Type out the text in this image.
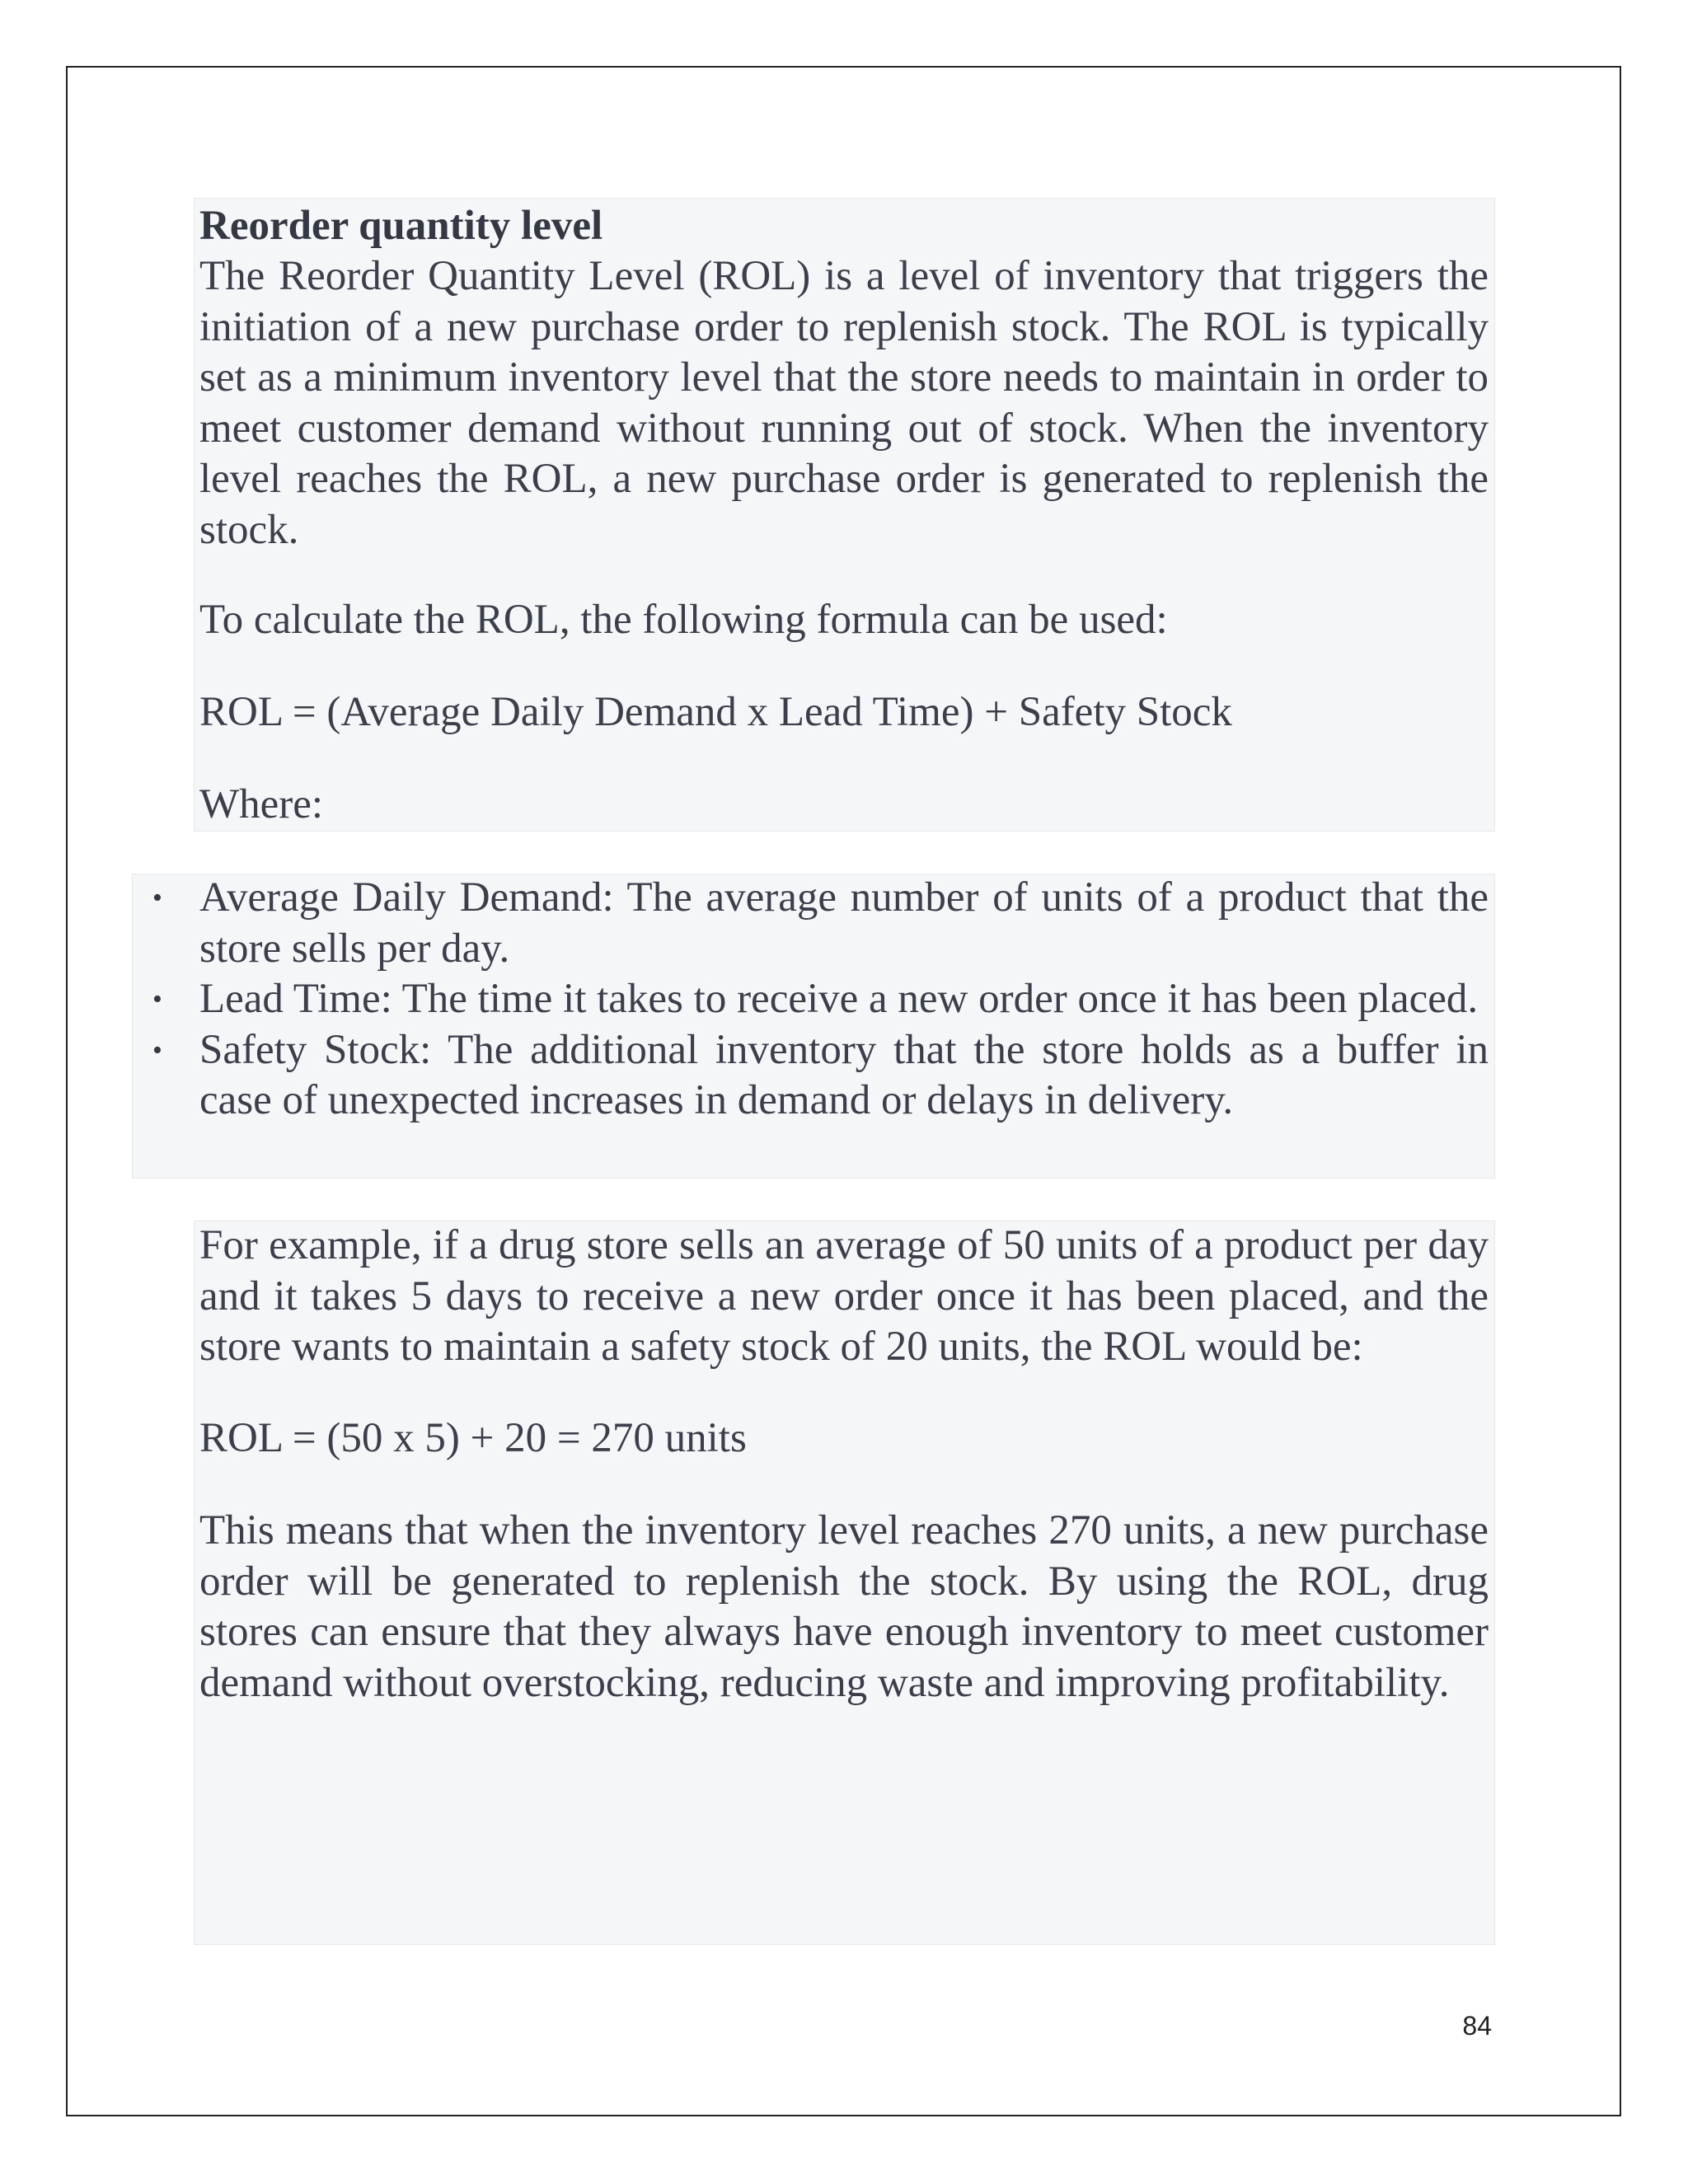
Reorder quantity level

The Reorder Quantity Level (ROL) is a level of inventory that triggers the initiation of a new purchase order to replenish stock. The ROL is typically set as a minimum inventory level that the store needs to maintain in order to meet customer demand without running out of stock. When the inventory level reaches the ROL, a new purchase order is generated to replenish the stock.

To calculate the ROL, the following formula can be used:

ROL = (Average Daily Demand x Lead Time) + Safety Stock

Where:

• Average Daily Demand: The average number of units of a product that the store sells per day.
• Lead Time: The time it takes to receive a new order once it has been placed.
• Safety Stock: The additional inventory that the store holds as a buffer in case of unexpected increases in demand or delays in delivery.

For example, if a drug store sells an average of 50 units of a product per day and it takes 5 days to receive a new order once it has been placed, and the store wants to maintain a safety stock of 20 units, the ROL would be:

ROL = (50 x 5) + 20 = 270 units

This means that when the inventory level reaches 270 units, a new purchase order will be generated to replenish the stock. By using the ROL, drug stores can ensure that they always have enough inventory to meet customer demand without overstocking, reducing waste and improving profitability.

84
